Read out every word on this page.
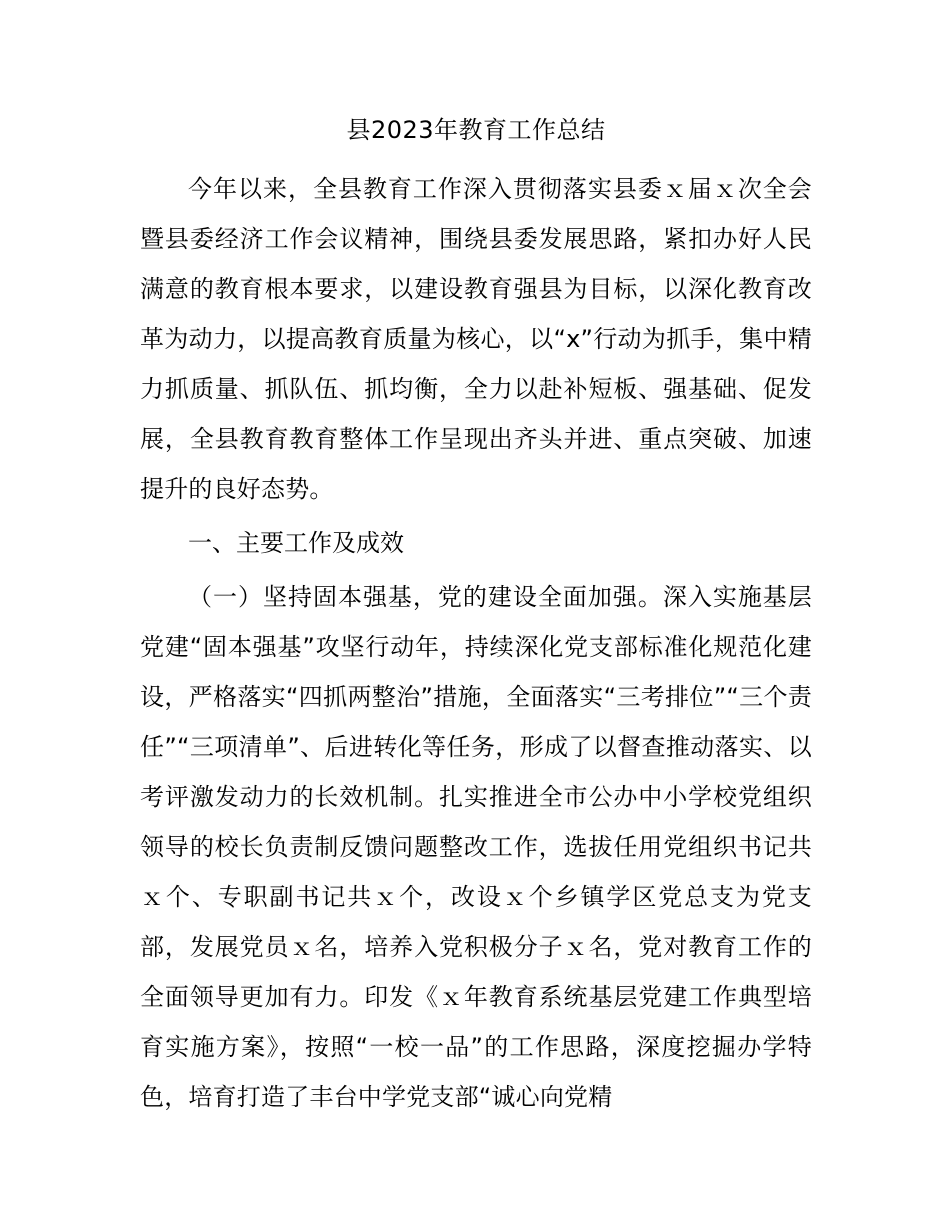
县2023年教育工作总结

今年以来，全县教育工作深入贯彻落实县委ｘ届ｘ次全会暨县委经济工作会议精神，围绕县委发展思路，紧扣办好人民满意的教育根本要求，以建设教育强县为目标，以深化教育改革为动力，以提高教育质量为核心，以“x”行动为抓手，集中精力抓质量、抓队伍、抓均衡，全力以赴补短板、强基础、促发展，全县教育教育整体工作呈现出齐头并进、重点突破、加速提升的良好态势。

一、主要工作及成效

（一）坚持固本强基，党的建设全面加强。深入实施基层党建“固本强基”攻坚行动年，持续深化党支部标准化规范化建设，严格落实“四抓两整治”措施，全面落实“三考排位”“三个责任”“三项清单”、后进转化等任务，形成了以督查推动落实、以考评激发动力的长效机制。扎实推进全市公办中小学校党组织领导的校长负责制反馈问题整改工作，选拔任用党组织书记共ｘ个、专职副书记共ｘ个，改设ｘ个乡镇学区党总支为党支部，发展党员ｘ名，培养入党积极分子ｘ名，党对教育工作的全面领导更加有力。印发《ｘ年教育系统基层党建工作典型培育实施方案》，按照“一校一品”的工作思路，深度挖掘办学特色，培育打造了丰台中学党支部“诚心向党精
